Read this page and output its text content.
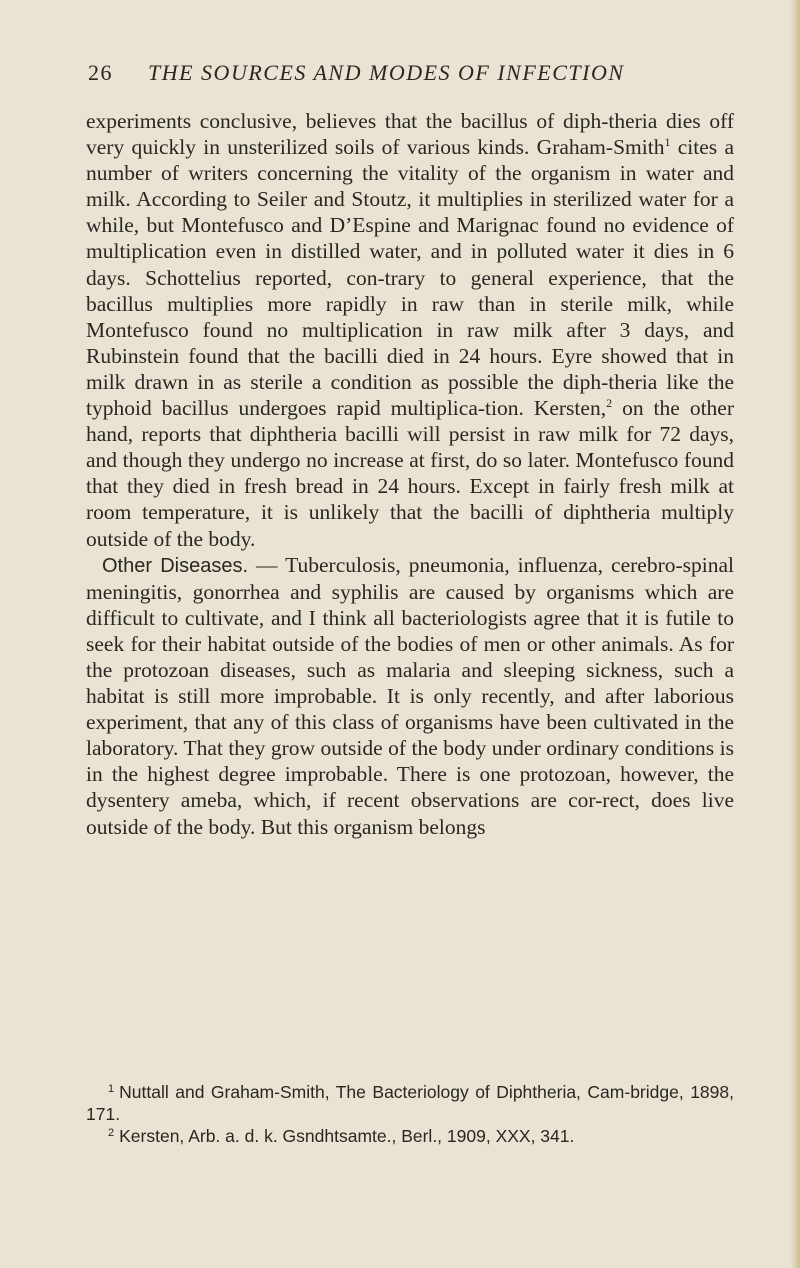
26 THE SOURCES AND MODES OF INFECTION

experiments conclusive, believes that the bacillus of diph-theria dies off very quickly in unsterilized soils of various kinds. Graham-Smith$^1$ cites a number of writers concerning the vitality of the organism in water and milk. According to Seiler and Stoutz, it multiplies in sterilized water for a while, but Montefusco and D’Espine and Marignac found no evidence of multiplication even in distilled water, and in polluted water it dies in 6 days. Schottelius reported, con-trary to general experience, that the bacillus multiplies more rapidly in raw than in sterile milk, while Montefusco found no multiplication in raw milk after 3 days, and Rubinstein found that the bacilli died in 24 hours. Eyre showed that in milk drawn in as sterile a condition as possible the diph-theria like the typhoid bacillus undergoes rapid multiplica-tion. Kersten,$^2$ on the other hand, reports that diphtheria bacilli will persist in raw milk for 72 days, and though they undergo no increase at first, do so later. Montefusco found that they died in fresh bread in 24 hours. Except in fairly fresh milk at room temperature, it is unlikely that the bacilli of diphtheria multiply outside of the body.

Other Diseases. — Tuberculosis, pneumonia, influenza, cerebro-spinal meningitis, gonorrhea and syphilis are caused by organisms which are difficult to cultivate, and I think all bacteriologists agree that it is futile to seek for their habitat outside of the bodies of men or other animals. As for the protozoan diseases, such as malaria and sleeping sickness, such a habitat is still more improbable. It is only recently, and after laborious experiment, that any of this class of organisms have been cultivated in the laboratory. That they grow outside of the body under ordinary conditions is in the highest degree improbable. There is one protozoan, however, the dysentery ameba, which, if recent observations are cor-rect, does live outside of the body. But this organism belongs

$^1$ Nuttall and Graham-Smith, The Bacteriology of Diphtheria, Cam-bridge, 1898, 171.

$^2$ Kersten, Arb. a. d. k. Gsndhtsamte., Berl., 1909, XXX, 341.
